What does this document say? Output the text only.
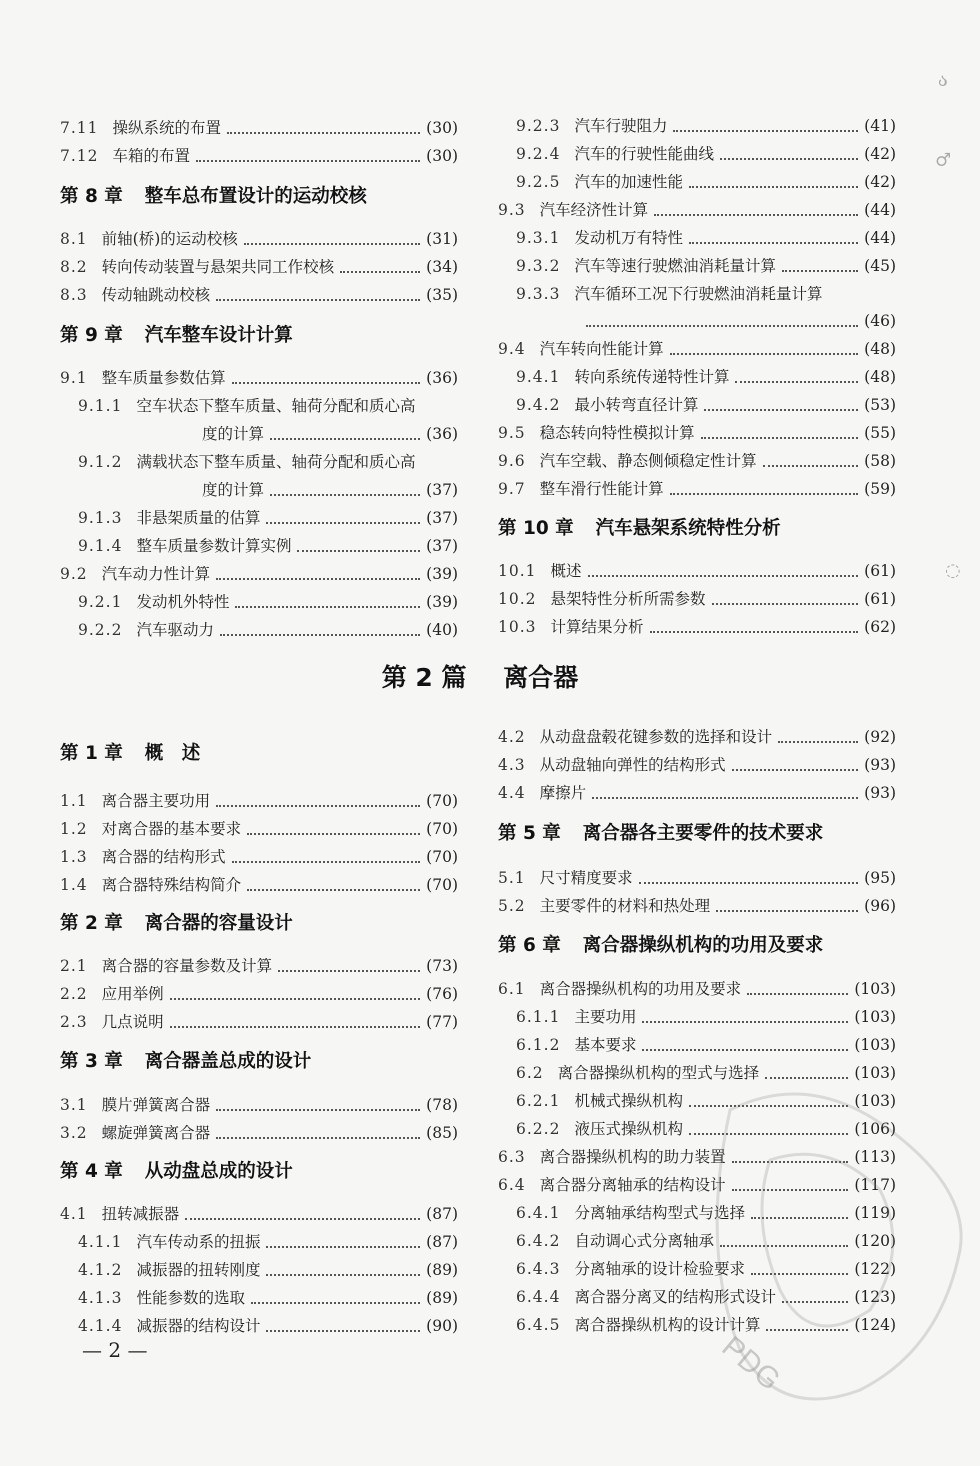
7.11 操纵系统的布置	(30)
7.12 车箱的布置	(30)
第 8 章 整车总布置设计的运动校核
8.1 前轴(桥)的运动校核	(31)
8.2 转向传动装置与悬架共同工作校核	(34)
8.3 传动轴跳动校核	(35)
第 9 章 汽车整车设计计算
9.1 整车质量参数估算	(36)
9.1.1 空车状态下整车质量、轴荷分配和质心高
度的计算	(36)
9.1.2 满载状态下整车质量、轴荷分配和质心高
度的计算	(37)
9.1.3 非悬架质量的估算	(37)
9.1.4 整车质量参数计算实例	(37)
9.2 汽车动力性计算	(39)
9.2.1 发动机外特性	(39)
9.2.2 汽车驱动力	(40)
9.2.3 汽车行驶阻力	(41)
9.2.4 汽车的行驶性能曲线	(42)
9.2.5 汽车的加速性能	(42)
9.3 汽车经济性计算	(44)
9.3.1 发动机万有特性	(44)
9.3.2 汽车等速行驶燃油消耗量计算	(45)
9.3.3 汽车循环工况下行驶燃油消耗量计算
(46)
9.4 汽车转向性能计算	(48)
9.4.1 转向系统传递特性计算	(48)
9.4.2 最小转弯直径计算	(53)
9.5 稳态转向特性模拟计算	(55)
9.6 汽车空载、静态侧倾稳定性计算	(58)
9.7 整车滑行性能计算	(59)
第 10 章 汽车悬架系统特性分析
10.1 概述	(61)
10.2 悬架特性分析所需参数	(61)
10.3 计算结果分析	(62)
第 2 篇 离合器
第 1 章 概　述
1.1 离合器主要功用	(70)
1.2 对离合器的基本要求	(70)
1.3 离合器的结构形式	(70)
1.4 离合器特殊结构简介	(70)
第 2 章 离合器的容量设计
2.1 离合器的容量参数及计算	(73)
2.2 应用举例	(76)
2.3 几点说明	(77)
第 3 章 离合器盖总成的设计
3.1 膜片弹簧离合器	(78)
3.2 螺旋弹簧离合器	(85)
第 4 章 从动盘总成的设计
4.1 扭转减振器	(87)
4.1.1 汽车传动系的扭振	(87)
4.1.2 减振器的扭转刚度	(89)
4.1.3 性能参数的选取	(89)
4.1.4 减振器的结构设计	(90)
4.2 从动盘盘毂花键参数的选择和设计	(92)
4.3 从动盘轴向弹性的结构形式	(93)
4.4 摩擦片	(93)
第 5 章 离合器各主要零件的技术要求
5.1 尺寸精度要求	(95)
5.2 主要零件的材料和热处理	(96)
第 6 章 离合器操纵机构的功用及要求
6.1 离合器操纵机构的功用及要求	(103)
6.1.1 主要功用	(103)
6.1.2 基本要求	(103)
6.2 离合器操纵机构的型式与选择	(103)
6.2.1 机械式操纵机构	(103)
6.2.2 液压式操纵机构	(106)
6.3 离合器操纵机构的助力装置	(113)
6.4 离合器分离轴承的结构设计	(117)
6.4.1 分离轴承结构型式与选择	(119)
6.4.2 自动调心式分离轴承	(120)
6.4.3 分离轴承的设计检验要求	(122)
6.4.4 离合器分离叉的结构形式设计	(123)
6.4.5 离合器操纵机构的设计计算	(124)
— 2 —	PDG
ა
♂
◌
